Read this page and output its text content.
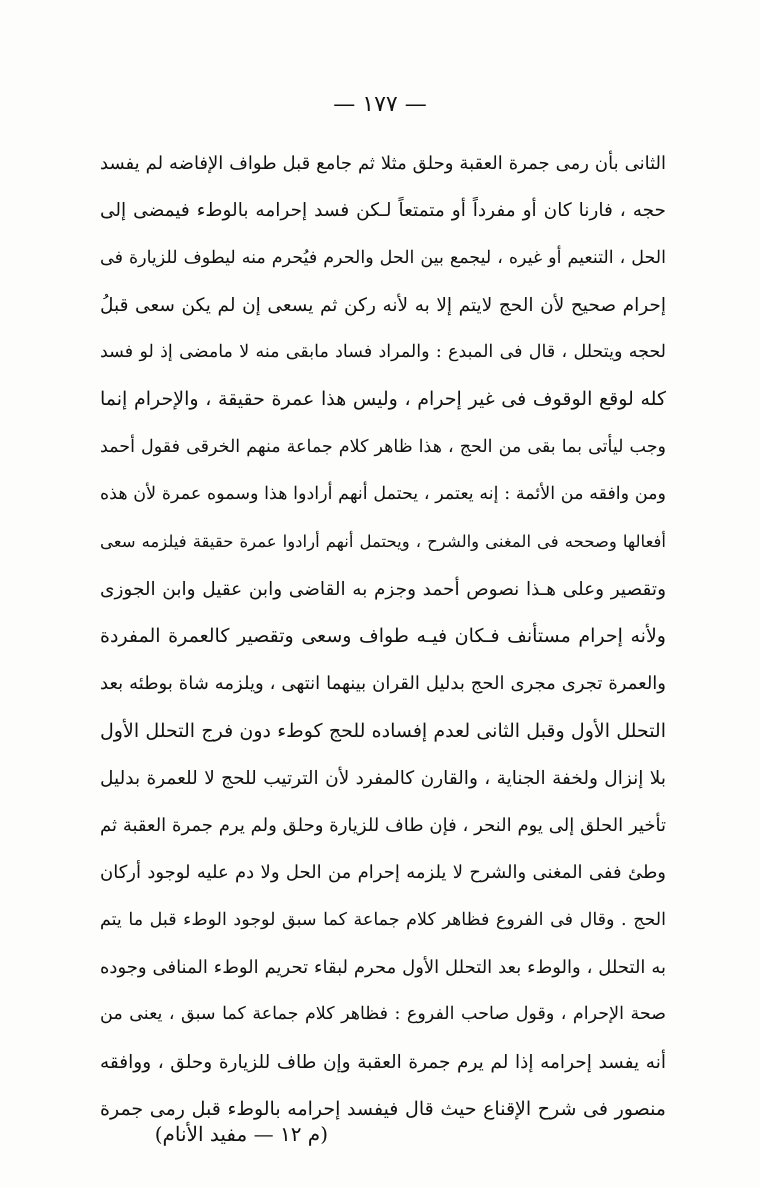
— ١٧٧ —
الثانى بأن رمى جمرة العقبة وحلق مثلا ثم جامع قبل طواف الإفاضه لم يفسد
حجه ، فارنا كان أو مفرداً أو متمتعاً لـكن فسد إحرامه بالوطء فيمضى إلى
الحل ، التنعيم أو غيره ، ليجمع بين الحل والحرم فيُحرم منه ليطوف للزيارة فى
إحرام صحيح لأن الحج لايتم إلا به لأنه ركن ثم يسعى إن لم يكن سعى قبلُ
لحجه ويتحلل ، قال فى المبدع : والمراد فساد مابقى منه لا مامضى إذ لو فسد
كله لوقع الوقوف فى غير إحرام ، وليس هذا عمرة حقيقة ، والإحرام إنما
وجب ليأتى بما بقى من الحج ، هذا ظاهر كلام جماعة منهم الخرقى فقول أحمد
ومن وافقه من الأئمة : إنه يعتمر ، يحتمل أنهم أرادوا هذا وسموه عمرة لأن هذه
أفعالها وصححه فى المغنى والشرح ، ويحتمل أنهم أرادوا عمرة حقيقة فيلزمه سعى
وتقصير وعلى هـذا نصوص أحمد وجزم به القاضى وابن عقيل وابن الجوزى
ولأنه إحرام مستأنف فـكان فيـه طواف وسعى وتقصير كالعمرة المفردة
والعمرة تجرى مجرى الحج بدليل القران بينهما انتهى ، ويلزمه شاة بوطئه بعد
التحلل الأول وقبل الثانى لعدم إفساده للحج كوطء دون فرج التحلل الأول
بلا إنزال ولخفة الجناية ، والقارن كالمفرد لأن الترتيب للحج لا للعمرة بدليل
تأخير الحلق إلى يوم النحر ، فإن طاف للزيارة وحلق ولم يرم جمرة العقبة ثم
وطئ ففى المغنى والشرح لا يلزمه إحرام من الحل ولا دم عليه لوجود أركان
الحج . وقال فى الفروع فظاهر كلام جماعة كما سبق لوجود الوطء قبل ما يتم
به التحلل ، والوطء بعد التحلل الأول محرم لبقاء تحريم الوطء المنافى وجوده
صحة الإحرام ، وقول صاحب الفروع : فظاهر كلام جماعة كما سبق ، يعنى من
أنه يفسد إحرامه إذا لم يرم جمرة العقبة وإن طاف للزيارة وحلق ، ووافقه
منصور فى شرح الإقناع حيث قال فيفسد إحرامه بالوطء قبل رمى جمرة
(م ١٢ — مفيد الأنام)
